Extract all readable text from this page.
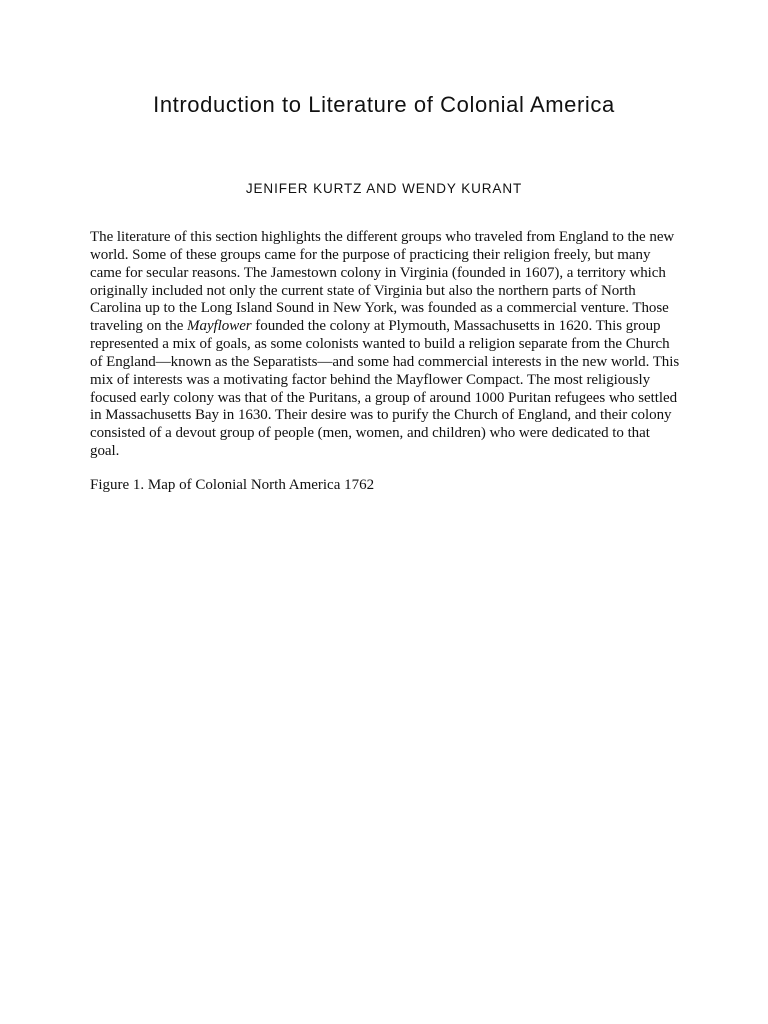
Introduction to Literature of Colonial America
JENIFER KURTZ AND WENDY KURANT

The literature of this section highlights the different groups who traveled from England to the new world. Some of these groups came for the purpose of practicing their religion freely, but many came for secular reasons. The Jamestown colony in Virginia (founded in 1607), a territory which originally included not only the current state of Virginia but also the northern parts of North Carolina up to the Long Island Sound in New York, was founded as a commercial venture. Those traveling on the Mayflower founded the colony at Plymouth, Massachusetts in 1620. This group represented a mix of goals, as some colonists wanted to build a religion separate from the Church of England—known as the Separatists—and some had commercial interests in the new world. This mix of interests was a motivating factor behind the Mayflower Compact. The most religiously focused early colony was that of the Puritans, a group of around 1000 Puritan refugees who settled in Massachusetts Bay in 1630. Their desire was to purify the Church of England, and their colony consisted of a devout group of people (men, women, and children) who were dedicated to that goal.

Figure 1. Map of Colonial North America 1762
